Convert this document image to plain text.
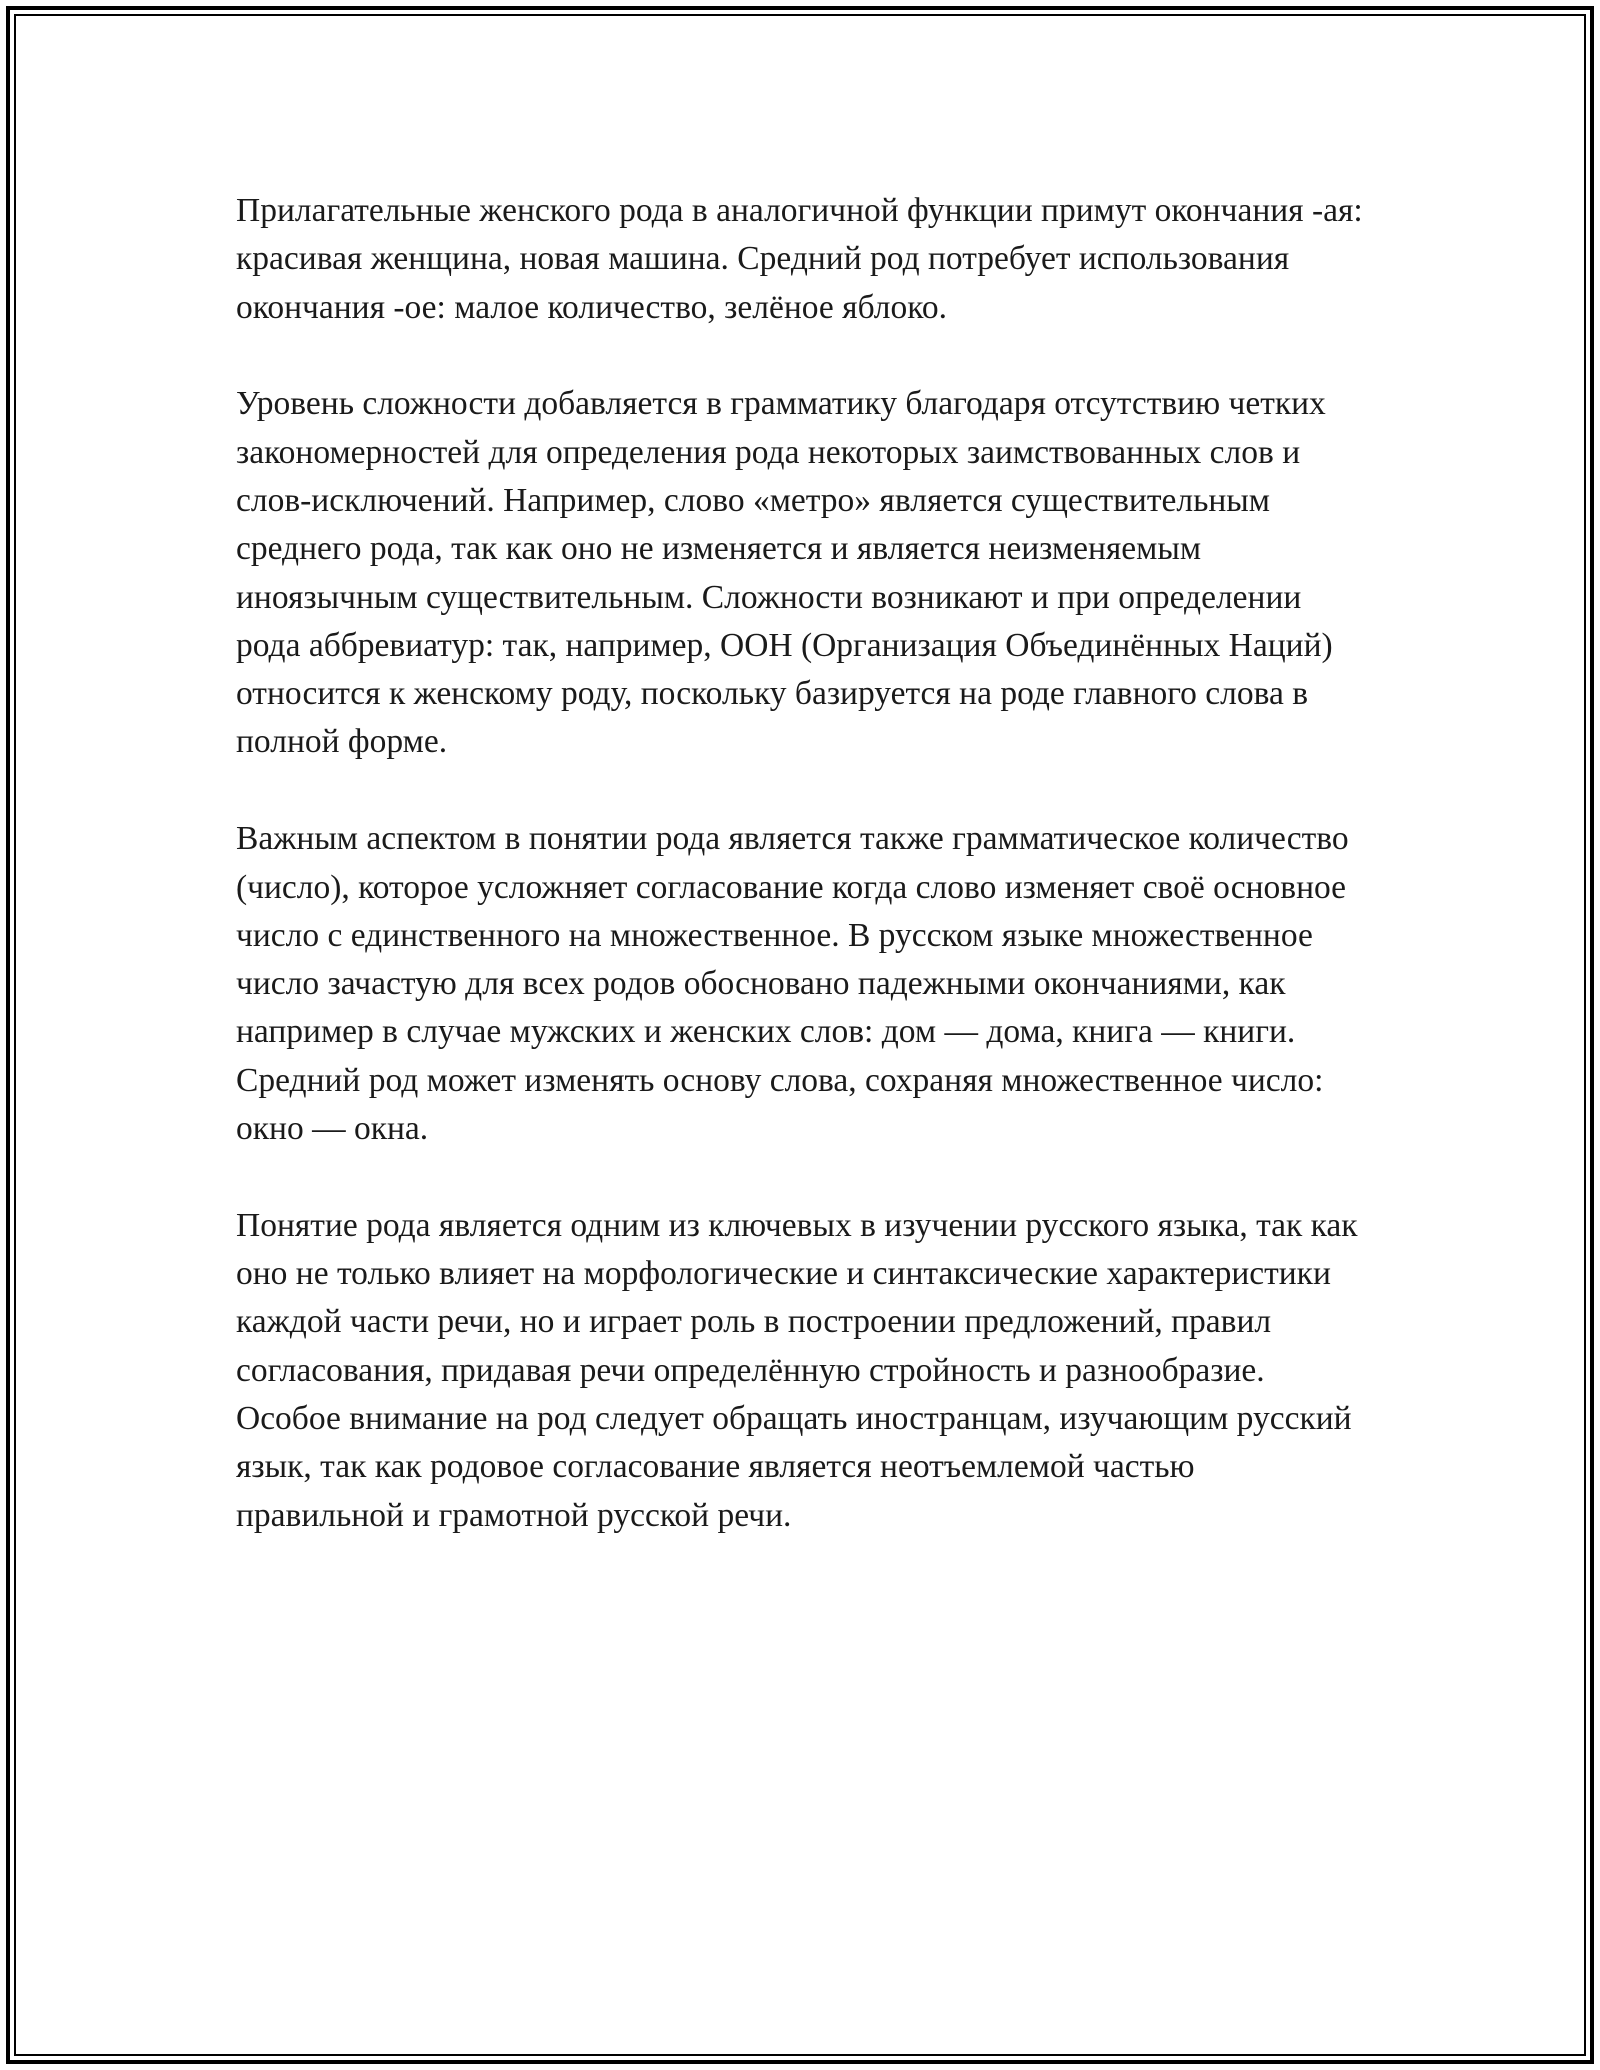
Прилагательные женского рода в аналогичной функции примут окончания -ая: красивая женщина, новая машина. Средний род потребует использования окончания -ое: малое количество, зелёное яблоко.

Уровень сложности добавляется в грамматику благодаря отсутствию четких закономерностей для определения рода некоторых заимствованных слов и слов-исключений. Например, слово «метро» является существительным среднего рода, так как оно не изменяется и является неизменяемым иноязычным существительным. Сложности возникают и при определении рода аббревиатур: так, например, ООН (Организация Объединённых Наций) относится к женскому роду, поскольку базируется на роде главного слова в полной форме.

Важным аспектом в понятии рода является также грамматическое количество (число), которое усложняет согласование когда слово изменяет своё основное число с единственного на множественное. В русском языке множественное число зачастую для всех родов обосновано падежными окончаниями, как например в случае мужских и женских слов: дом — дома, книга — книги. Средний род может изменять основу слова, сохраняя множественное число: окно — окна.

Понятие рода является одним из ключевых в изучении русского языка, так как оно не только влияет на морфологические и синтаксические характеристики каждой части речи, но и играет роль в построении предложений, правил согласования, придавая речи определённую стройность и разнообразие. Особое внимание на род следует обращать иностранцам, изучающим русский язык, так как родовое согласование является неотъемлемой частью правильной и грамотной русской речи.
